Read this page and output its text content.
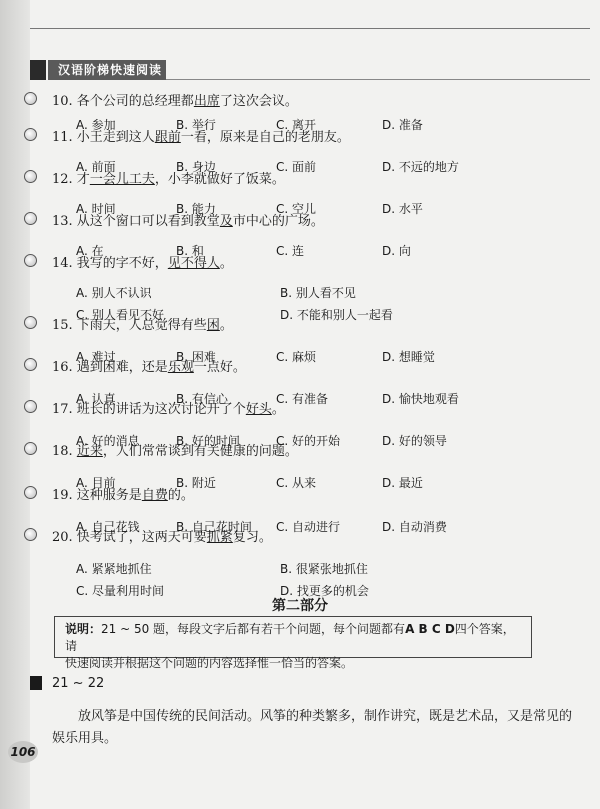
汉语阶梯快速阅读
10. 各个公司的总经理都出席了这次会议。
A. 参加	B. 举行	C. 离开	D. 准备
11. 小王走到这人跟前一看，原来是自己的老朋友。
A. 前面	B. 身边	C. 面前	D. 不远的地方
12. 才一会儿工夫，小李就做好了饭菜。
A. 时间	B. 能力	C. 空儿	D. 水平
13. 从这个窗口可以看到教堂及市中心的广场。
A. 在	B. 和	C. 连	D. 向
14. 我写的字不好，见不得人。
A. 别人不认识	B. 别人看不见
C. 别人看见不好	D. 不能和别人一起看
15. 下雨天，人总觉得有些困。
A. 难过	B. 困难	C. 麻烦	D. 想睡觉
16. 遇到困难，还是乐观一点好。
A. 认真	B. 有信心	C. 有准备	D. 愉快地观看
17. 班长的讲话为这次讨论开了个好头。
A. 好的消息	B. 好的时间	C. 好的开始	D. 好的领导
18. 近来，人们常常谈到有关健康的问题。
A. 目前	B. 附近	C. 从来	D. 最近
19. 这种服务是自费的。
A. 自己花钱	B. 自己花时间 C. 自动进行	D. 自动消费
20. 快考试了，这两天可要抓紧复习。
A. 紧紧地抓住	B. 很紧张地抓住
C. 尽量利用时间	D. 找更多的机会
第二部分
说明：21 ~ 50 题，每段文字后都有若干个问题，每个问题都有A B C D四个答案，请
快速阅读并根据这个问题的内容选择惟一恰当的答案。
21 ~ 22
放风筝是中国传统的民间活动。风筝的种类繁多，制作讲究，既是艺术品，又是常见的娱乐用具。
106
